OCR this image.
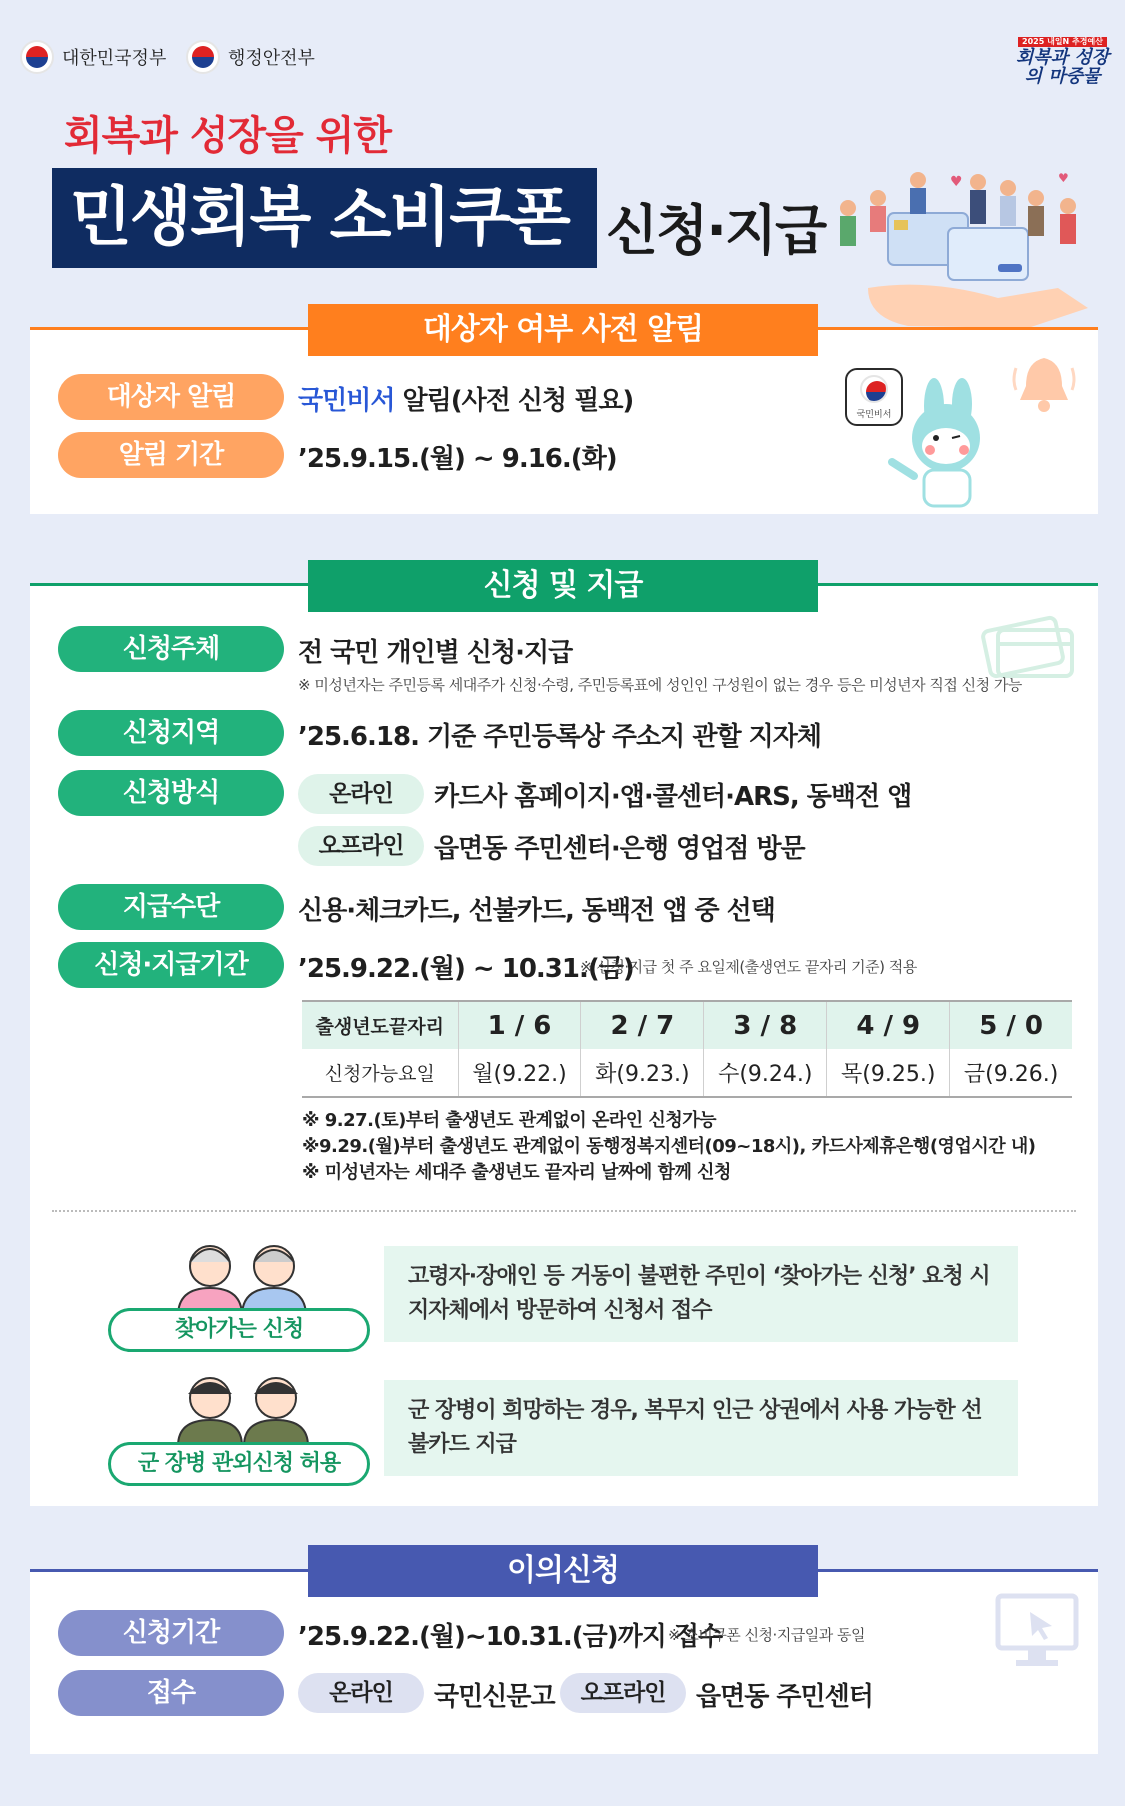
대한민국정부	행정안전부
2025 내일N 추경예산
회복과 성장의 마중물
회복과 성장을 위한
민생회복 소비쿠폰 신청·지급
♥	♥
대상자 여부 사전 알림
대상자 알림	국민비서 알림(사전 신청 필요)
알림 기간	’25.9.15.(월) ~ 9.16.(화)
국민비서
신청 및 지급
신청주체	전 국민 개인별 신청·지급
※ 미성년자는 주민등록 세대주가 신청·수령, 주민등록표에 성인인 구성원이 없는 경우 등은 미성년자 직접 신청 가능
신청지역	’25.6.18. 기준 주민등록상 주소지 관할 지자체
신청방식	온라인	카드사 홈페이지·앱·콜센터·ARS, 동백전 앱
오프라인	읍면동 주민센터·은행 영업점 방문
지급수단	신용·체크카드, 선불카드, 동백전 앱 중 선택
신청·지급기간	’25.9.22.(월) ~ 10.31.(금)
※ 신청·지급 첫 주 요일제(출생연도 끝자리 기준) 적용
출생년도끝자리	1 / 6	2 / 7	3 / 8	4 / 9	5 / 0
신청가능요일	월(9.22.)	화(9.23.)	수(9.24.)	목(9.25.)	금(9.26.)
※ 9.27.(토)부터 출생년도 관계없이 온라인 신청가능
※9.29.(월)부터 출생년도 관계없이 동행정복지센터(09~18시), 카드사제휴은행(영업시간 내)
※ 미성년자는 세대주 출생년도 끝자리 날짜에 함께 신청
찾아가는 신청
고령자·장애인 등 거동이 불편한 주민이 ‘찾아가는 신청’ 요청 시 지자체에서 방문하여 신청서 접수
군 장병 관외신청 허용
군 장병이 희망하는 경우, 복무지 인근 상권에서 사용 가능한 선불카드 지급
이의신청
신청기간	’25.9.22.(월)~10.31.(금)까지 접수
※ 소비쿠폰 신청·지급일과 동일
접수	온라인	국민신문고	오프라인	읍면동 주민센터
